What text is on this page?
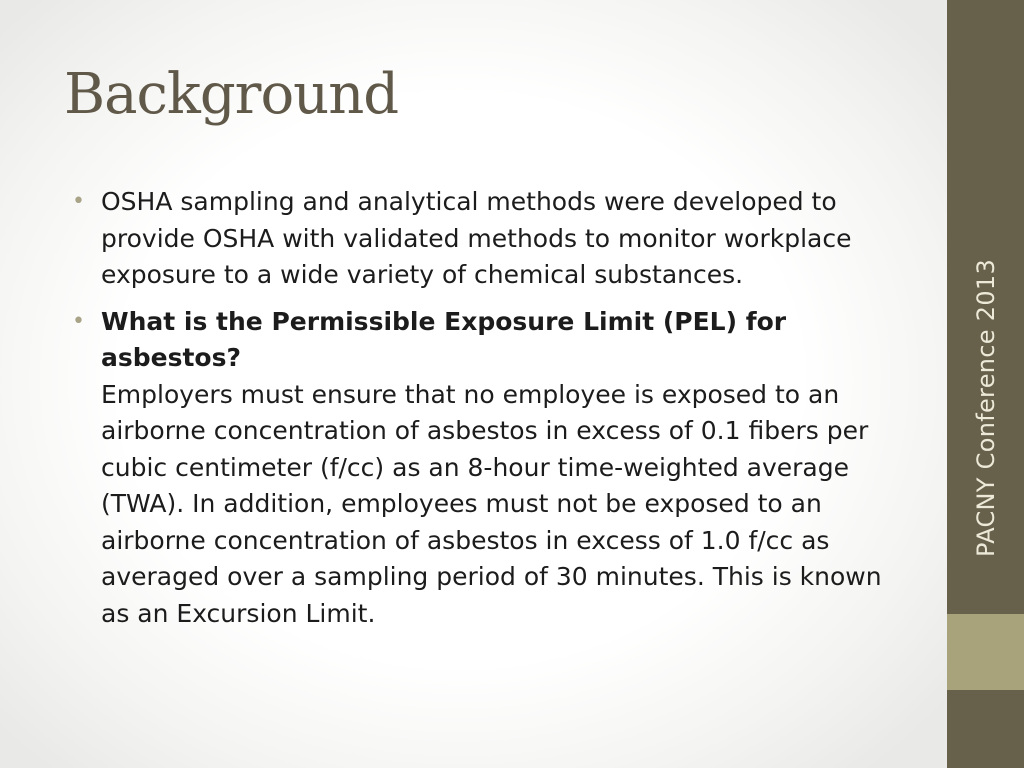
Background
• OSHA sampling and analytical methods were developed to provide OSHA with validated methods to monitor workplace exposure to a wide variety of chemical substances.
• What is the Permissible Exposure Limit (PEL) for asbestos?
Employers must ensure that no employee is exposed to an airborne concentration of asbestos in excess of 0.1 fibers per cubic centimeter (f/cc) as an 8-hour time-weighted average (TWA). In addition, employees must not be exposed to an airborne concentration of asbestos in excess of 1.0 f/cc as averaged over a sampling period of 30 minutes. This is known as an Excursion Limit.
PACNY Conference 2013
